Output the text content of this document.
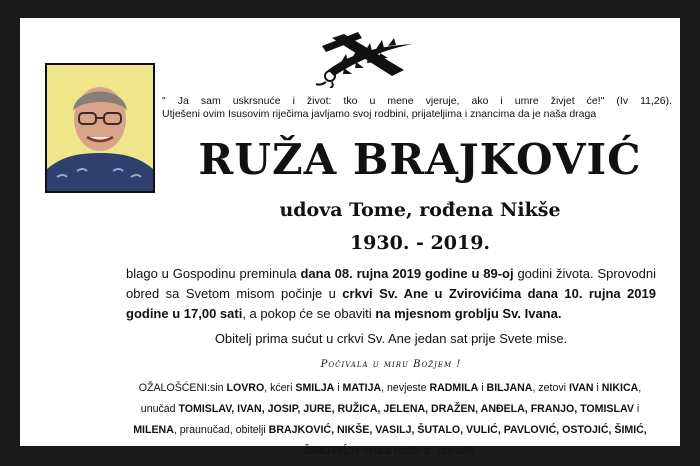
" Ja sam uskrsnuće i život: tko u mene vjeruje, ako i umre živjet će!" (Iv 11,26).
Utješeni ovim Isusovim riječima javljamo svoj rodbini, prijateljima i znancima da je naša draga
RUŽA BRAJKOVIĆ
udova Tome, rođena Nikše
1930. - 2019.
blago u Gospodinu preminula dana 08. rujna 2019 godine u 89-oj godini života. Sprovodni obred sa Svetom misom počinje u crkvi Sv. Ane u Zvirovićima dana 10. rujna 2019 godine u 17,00 sati, a pokop će se obaviti na mjesnom groblju Sv. Ivana.
Obitelj prima sućut u crkvi Sv. Ane jedan sat prije Svete mise.
Počivala u miru Božjem !
OŽALOŠĆENI:sin LOVRO, kćeri SMILJA i MATIJA, nevjeste RADMILA i BILJANA, zetovi IVAN i NIKICA, unučad TOMISLAV, IVAN, JOSIP, JURE, RUŽICA, JELENA, DRAŽEN, ANĐELA, FRANJO, TOMISLAV i MILENA, praunučad, obitelji BRAJKOVIĆ, NIKŠE, VASILJ, ŠUTALO, VULIĆ, PAVLOVIĆ, OSTOJIĆ, ŠIMIĆ, ŠIMOVIĆ te ostala rodbina i prijatelji.
